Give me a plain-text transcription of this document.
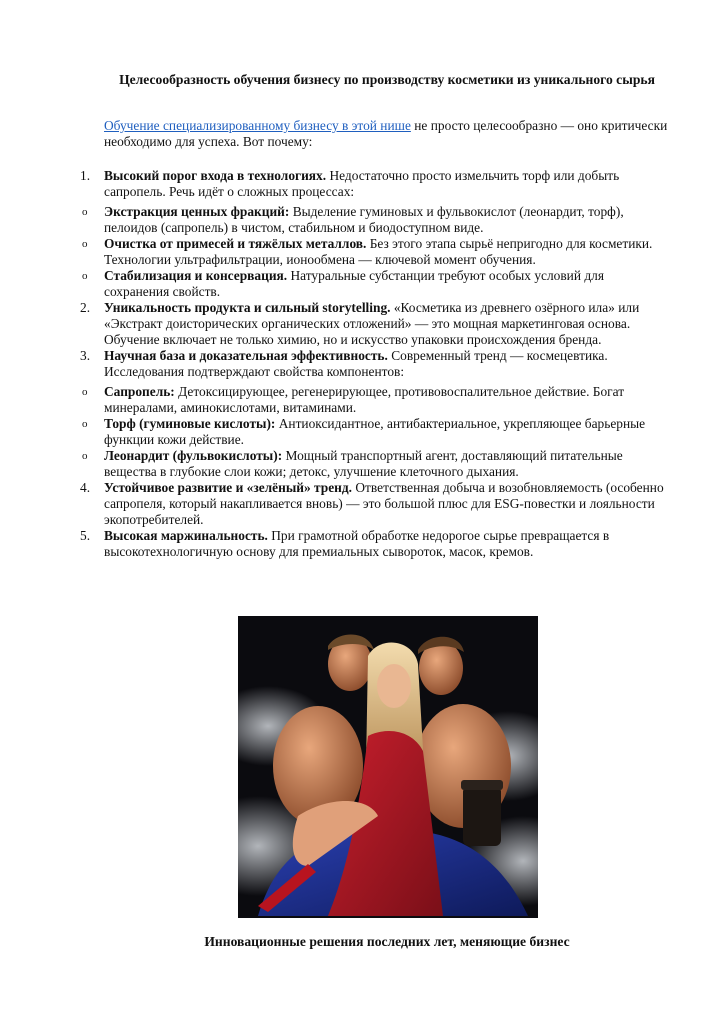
Целесообразность обучения бизнесу по производству косметики из уникального сырья
Обучение специализированному бизнесу в этой нише не просто целесообразно — оно критически необходимо для успеха. Вот почему:
1.	Высокий порог входа в технологиях. Недостаточно просто измельчить торф или добыть сапропель. Речь идёт о сложных процессах:
o	Экстракция ценных фракций: Выделение гуминовых и фульвокислот (леонардит, торф), пелоидов (сапропель) в чистом, стабильном и биодоступном виде.
o	Очистка от примесей и тяжёлых металлов. Без этого этапа сырьё непригодно для косметики. Технологии ультрафильтрации, ионообмена — ключевой момент обучения.
o	Стабилизация и консервация. Натуральные субстанции требуют особых условий для сохранения свойств.
2.	Уникальность продукта и сильный storytelling. «Косметика из древнего озёрного ила» или «Экстракт доисторических органических отложений» — это мощная маркетинговая основа. Обучение включает не только химию, но и искусство упаковки происхождения бренда.
3.	Научная база и доказательная эффективность. Современный тренд — космецевтика. Исследования подтверждают свойства компонентов:
o	Сапропель: Детоксицирующее, регенерирующее, противовоспалительное действие. Богат минералами, аминокислотами, витаминами.
o	Торф (гуминовые кислоты): Антиоксидантное, антибактериальное, укрепляющее барьерные функции кожи действие.
o	Леонардит (фульвокислоты): Мощный транспортный агент, доставляющий питательные вещества в глубокие слои кожи; детокс, улучшение клеточного дыхания.
4.	Устойчивое развитие и «зелёный» тренд. Ответственная добыча и возобновляемость (особенно сапропеля, который накапливается вновь) — это большой плюс для ESG-повестки и лояльности экопотребителей.
5.	Высокая маржинальность. При грамотной обработке недорогое сырье превращается в высокотехнологичную основу для премиальных сывороток, масок, кремов.
Инновационные решения последних лет, меняющие бизнес
